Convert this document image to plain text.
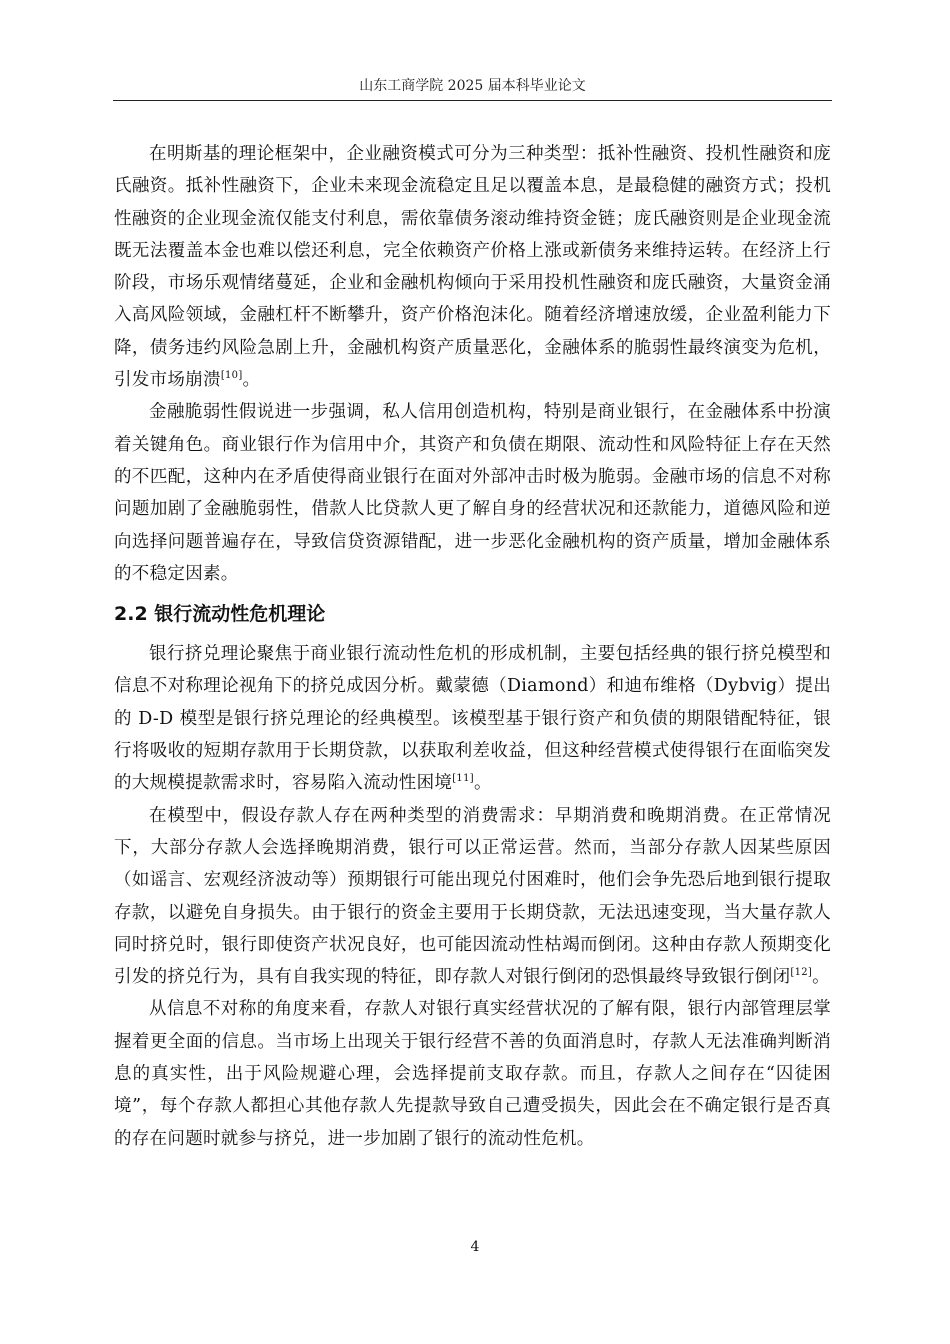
山东工商学院 2025 届本科毕业论文

在明斯基的理论框架中，企业融资模式可分为三种类型：抵补性融资、投机性融资和庞氏融资。抵补性融资下，企业未来现金流稳定且足以覆盖本息，是最稳健的融资方式；投机性融资的企业现金流仅能支付利息，需依靠债务滚动维持资金链；庞氏融资则是企业现金流既无法覆盖本金也难以偿还利息，完全依赖资产价格上涨或新债务来维持运转。在经济上行阶段，市场乐观情绪蔓延，企业和金融机构倾向于采用投机性融资和庞氏融资，大量资金涌入高风险领域，金融杠杆不断攀升，资产价格泡沫化。随着经济增速放缓，企业盈利能力下降，债务违约风险急剧上升，金融机构资产质量恶化，金融体系的脆弱性最终演变为危机，引发市场崩溃[10]。

金融脆弱性假说进一步强调，私人信用创造机构，特别是商业银行，在金融体系中扮演着关键角色。商业银行作为信用中介，其资产和负债在期限、流动性和风险特征上存在天然的不匹配，这种内在矛盾使得商业银行在面对外部冲击时极为脆弱。金融市场的信息不对称问题加剧了金融脆弱性，借款人比贷款人更了解自身的经营状况和还款能力，道德风险和逆向选择问题普遍存在，导致信贷资源错配，进一步恶化金融机构的资产质量，增加金融体系的不稳定因素。

2.2 银行流动性危机理论

银行挤兑理论聚焦于商业银行流动性危机的形成机制，主要包括经典的银行挤兑模型和信息不对称理论视角下的挤兑成因分析。戴蒙德（Diamond）和迪布维格（Dybvig）提出的 D-D 模型是银行挤兑理论的经典模型。该模型基于银行资产和负债的期限错配特征，银行将吸收的短期存款用于长期贷款，以获取利差收益，但这种经营模式使得银行在面临突发的大规模提款需求时，容易陷入流动性困境[11]。

在模型中，假设存款人存在两种类型的消费需求：早期消费和晚期消费。在正常情况下，大部分存款人会选择晚期消费，银行可以正常运营。然而，当部分存款人因某些原因（如谣言、宏观经济波动等）预期银行可能出现兑付困难时，他们会争先恐后地到银行提取存款，以避免自身损失。由于银行的资金主要用于长期贷款，无法迅速变现，当大量存款人同时挤兑时，银行即使资产状况良好，也可能因流动性枯竭而倒闭。这种由存款人预期变化引发的挤兑行为，具有自我实现的特征，即存款人对银行倒闭的恐惧最终导致银行倒闭[12]。

从信息不对称的角度来看，存款人对银行真实经营状况的了解有限，银行内部管理层掌握着更全面的信息。当市场上出现关于银行经营不善的负面消息时，存款人无法准确判断消息的真实性，出于风险规避心理，会选择提前支取存款。而且，存款人之间存在“囚徒困境”，每个存款人都担心其他存款人先提款导致自己遭受损失，因此会在不确定银行是否真的存在问题时就参与挤兑，进一步加剧了银行的流动性危机。

4
